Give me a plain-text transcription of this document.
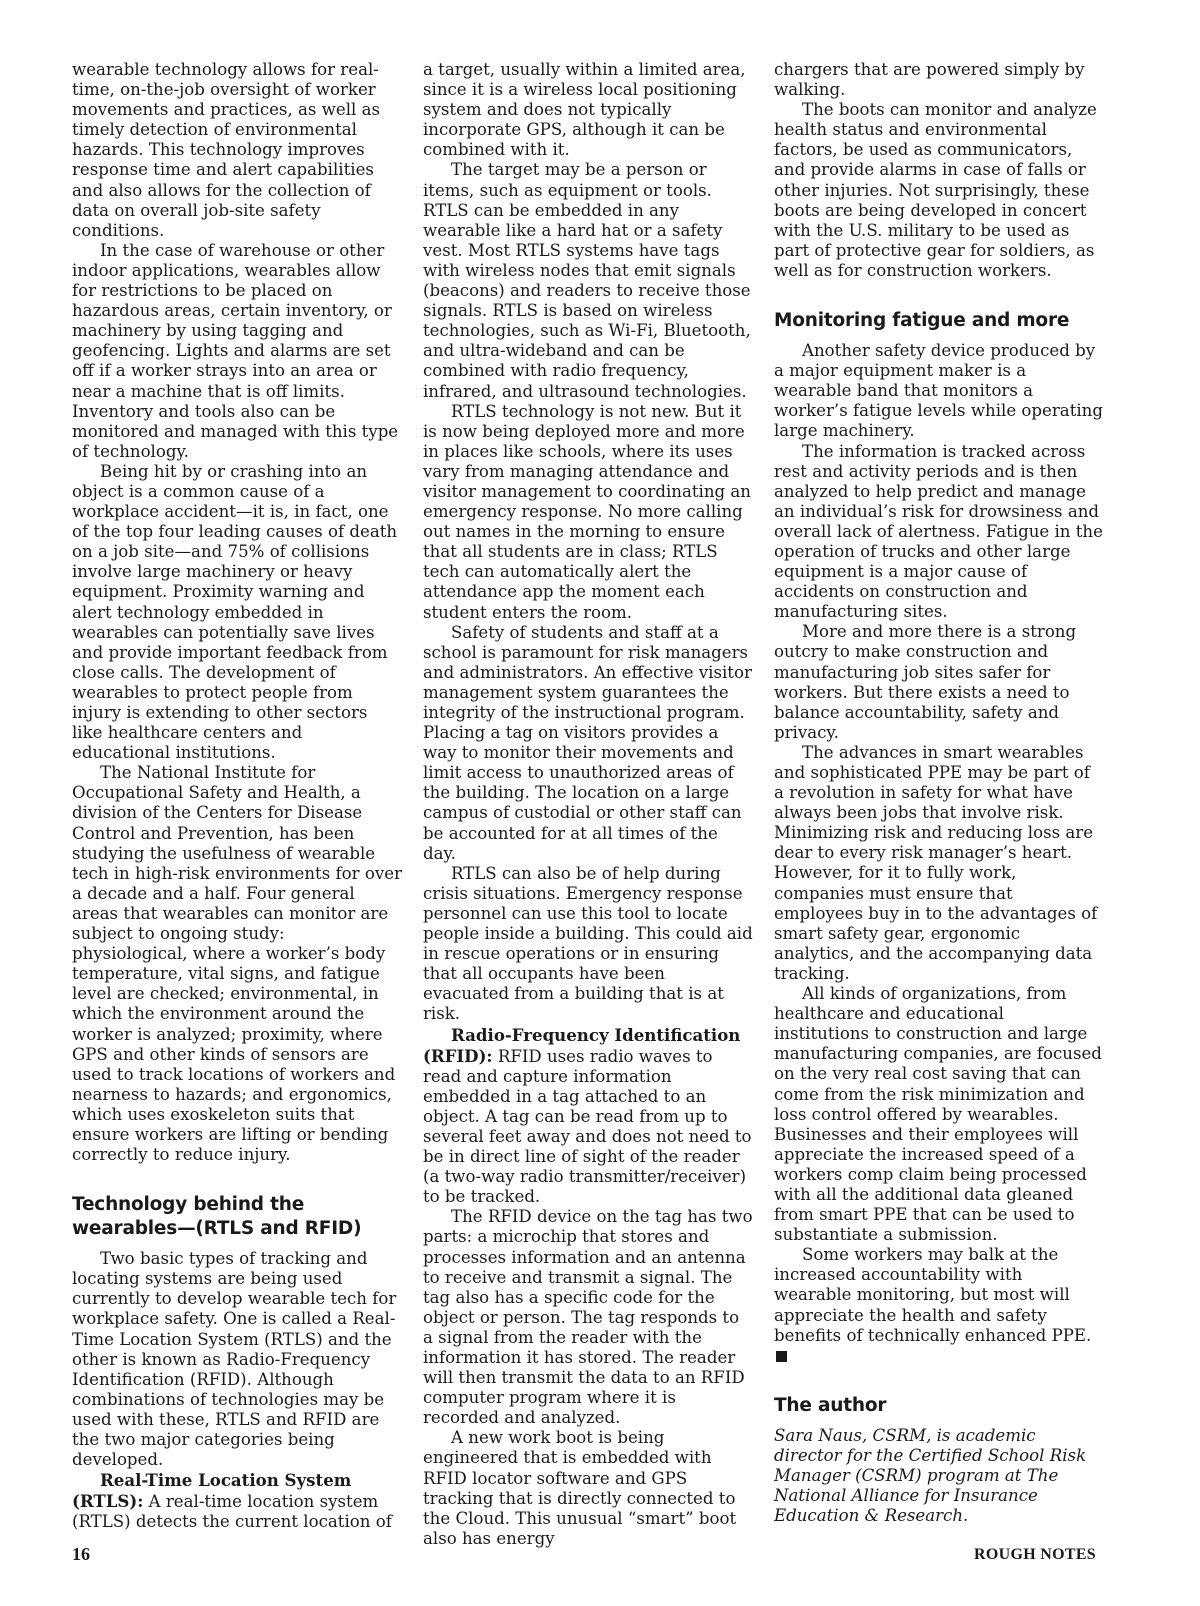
wearable technology allows for real-time, on-the-job oversight of worker movements and practices, as well as timely detection of environmental hazards. This technology improves response time and alert capabilities and also allows for the collection of data on overall job-site safety conditions.

In the case of warehouse or other indoor applications, wearables allow for restrictions to be placed on hazardous areas, certain inventory, or machinery by using tagging and geofencing. Lights and alarms are set off if a worker strays into an area or near a machine that is off limits. Inventory and tools also can be monitored and managed with this type of technology.

Being hit by or crashing into an object is a common cause of a workplace accident—it is, in fact, one of the top four leading causes of death on a job site—and 75% of collisions involve large machinery or heavy equipment. Proximity warning and alert technology embedded in wearables can potentially save lives and provide important feedback from close calls. The development of wearables to protect people from injury is extending to other sectors like healthcare centers and educational institutions.

The National Institute for Occupational Safety and Health, a division of the Centers for Disease Control and Prevention, has been studying the usefulness of wearable tech in high-risk environments for over a decade and a half. Four general areas that wearables can monitor are subject to ongoing study: physiological, where a worker’s body temperature, vital signs, and fatigue level are checked; environmental, in which the environment around the worker is analyzed; proximity, where GPS and other kinds of sensors are used to track locations of workers and nearness to hazards; and ergonomics, which uses exoskeleton suits that ensure workers are lifting or bending correctly to reduce injury.

Technology behind the wearables—(RTLS and RFID)

Two basic types of tracking and locating systems are being used currently to develop wearable tech for workplace safety. One is called a Real-Time Location System (RTLS) and the other is known as Radio-Frequency Identification (RFID). Although combinations of technologies may be used with these, RTLS and RFID are the two major categories being developed.

Real-Time Location System (RTLS): A real-time location system (RTLS) detects the current location of

a target, usually within a limited area, since it is a wireless local positioning system and does not typically incorporate GPS, although it can be combined with it.

The target may be a person or items, such as equipment or tools. RTLS can be embedded in any wearable like a hard hat or a safety vest. Most RTLS systems have tags with wireless nodes that emit signals (beacons) and readers to receive those signals. RTLS is based on wireless technologies, such as Wi-Fi, Bluetooth, and ultra-wideband and can be combined with radio frequency, infrared, and ultrasound technologies.

RTLS technology is not new. But it is now being deployed more and more in places like schools, where its uses vary from managing attendance and visitor management to coordinating an emergency response. No more calling out names in the morning to ensure that all students are in class; RTLS tech can automatically alert the attendance app the moment each student enters the room.

Safety of students and staff at a school is paramount for risk managers and administrators. An effective visitor management system guarantees the integrity of the instructional program. Placing a tag on visitors provides a way to monitor their movements and limit access to unauthorized areas of the building. The location on a large campus of custodial or other staff can be accounted for at all times of the day.

RTLS can also be of help during crisis situations. Emergency response personnel can use this tool to locate people inside a building. This could aid in rescue operations or in ensuring that all occupants have been evacuated from a building that is at risk.

Radio-Frequency Identification (RFID): RFID uses radio waves to read and capture information embedded in a tag attached to an object. A tag can be read from up to several feet away and does not need to be in direct line of sight of the reader (a two-way radio transmitter/receiver) to be tracked.

The RFID device on the tag has two parts: a microchip that stores and processes information and an antenna to receive and transmit a signal. The tag also has a specific code for the object or person. The tag responds to a signal from the reader with the information it has stored. The reader will then transmit the data to an RFID computer program where it is recorded and analyzed.

A new work boot is being engineered that is embedded with RFID locator software and GPS tracking that is directly connected to the Cloud. This unusual “smart” boot also has energy

chargers that are powered simply by walking.

The boots can monitor and analyze health status and environmental factors, be used as communicators, and provide alarms in case of falls or other injuries. Not surprisingly, these boots are being developed in concert with the U.S. military to be used as part of protective gear for soldiers, as well as for construction workers.

Monitoring fatigue and more

Another safety device produced by a major equipment maker is a wearable band that monitors a worker’s fatigue levels while operating large machinery.

The information is tracked across rest and activity periods and is then analyzed to help predict and manage an individual’s risk for drowsiness and overall lack of alertness. Fatigue in the operation of trucks and other large equipment is a major cause of accidents on construction and manufacturing sites.

More and more there is a strong outcry to make construction and manufacturing job sites safer for workers. But there exists a need to balance accountability, safety and privacy.

The advances in smart wearables and sophisticated PPE may be part of a revolution in safety for what have always been jobs that involve risk. Minimizing risk and reducing loss are dear to every risk manager’s heart. However, for it to fully work, companies must ensure that employees buy in to the advantages of smart safety gear, ergonomic analytics, and the accompanying data tracking.

All kinds of organizations, from healthcare and educational institutions to construction and large manufacturing companies, are focused on the very real cost saving that can come from the risk minimization and loss control offered by wearables. Businesses and their employees will appreciate the increased speed of a workers comp claim being processed with all the additional data gleaned from smart PPE that can be used to substantiate a submission.

Some workers may balk at the increased accountability with wearable monitoring, but most will appreciate the health and safety benefits of technically enhanced PPE.

The author

Sara Naus, CSRM, is academic director for the Certified School Risk Manager (CSRM) program at The National Alliance for Insurance Education & Research.

16	ROUGH NOTES
